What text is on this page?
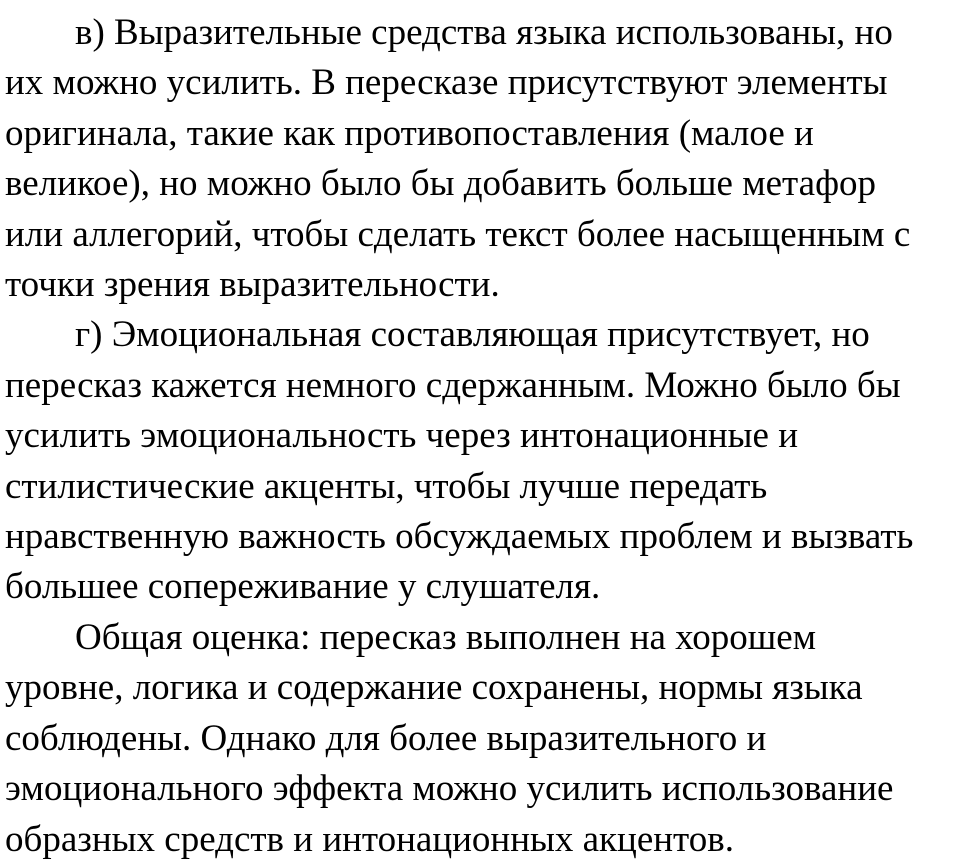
в) Выразительные средства языка использованы, но
их можно усилить. В пересказе присутствуют элементы
оригинала, такие как противопоставления (малое и
великое), но можно было бы добавить больше метафор
или аллегорий, чтобы сделать текст более насыщенным с
точки зрения выразительности.

г) Эмоциональная составляющая присутствует, но
пересказ кажется немного сдержанным. Можно было бы
усилить эмоциональность через интонационные и
стилистические акценты, чтобы лучше передать
нравственную важность обсуждаемых проблем и вызвать
большее сопереживание у слушателя.

Общая оценка: пересказ выполнен на хорошем
уровне, логика и содержание сохранены, нормы языка
соблюдены. Однако для более выразительного и
эмоционального эффекта можно усилить использование
образных средств и интонационных акцентов.
